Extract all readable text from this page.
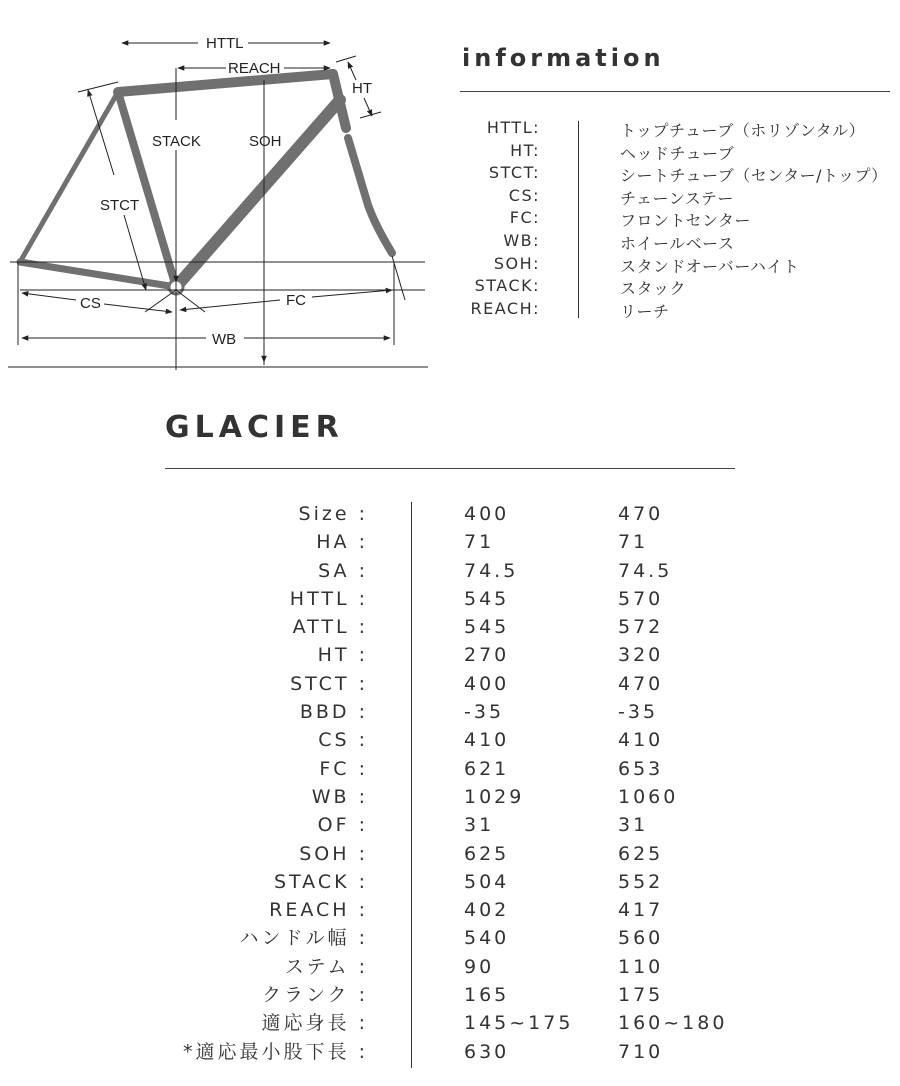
HTTL
REACH
HT
STACK	SOH
STCT
CS	FC
WB
information
HTTL:	トップチューブ（ホリゾンタル）
HT:	ヘッドチューブ
STCT:	シートチューブ（センター/トップ）
CS:	チェーンステー
FC:	フロントセンター
WB:	ホイールベース
SOH:	スタンドオーバーハイト
STACK:	スタック
REACH:	リーチ
GLACIER
Size :	400	470
HA :	71	71
SA :	74.5	74.5
HTTL :	545	570
ATTL :	545	572
HT :	270	320
STCT :	400	470
BBD :	-35	-35
CS :	410	410
FC :	621	653
WB :	1029	1060
OF :	31	31
SOH :	625	625
STACK :	504	552
REACH :	402	417
ハンドル幅 :	540	560
ステム :	90	110
クランク :	165	175
適応身長 :	145~175 160~180
*適応最小股下長 :	630	710
